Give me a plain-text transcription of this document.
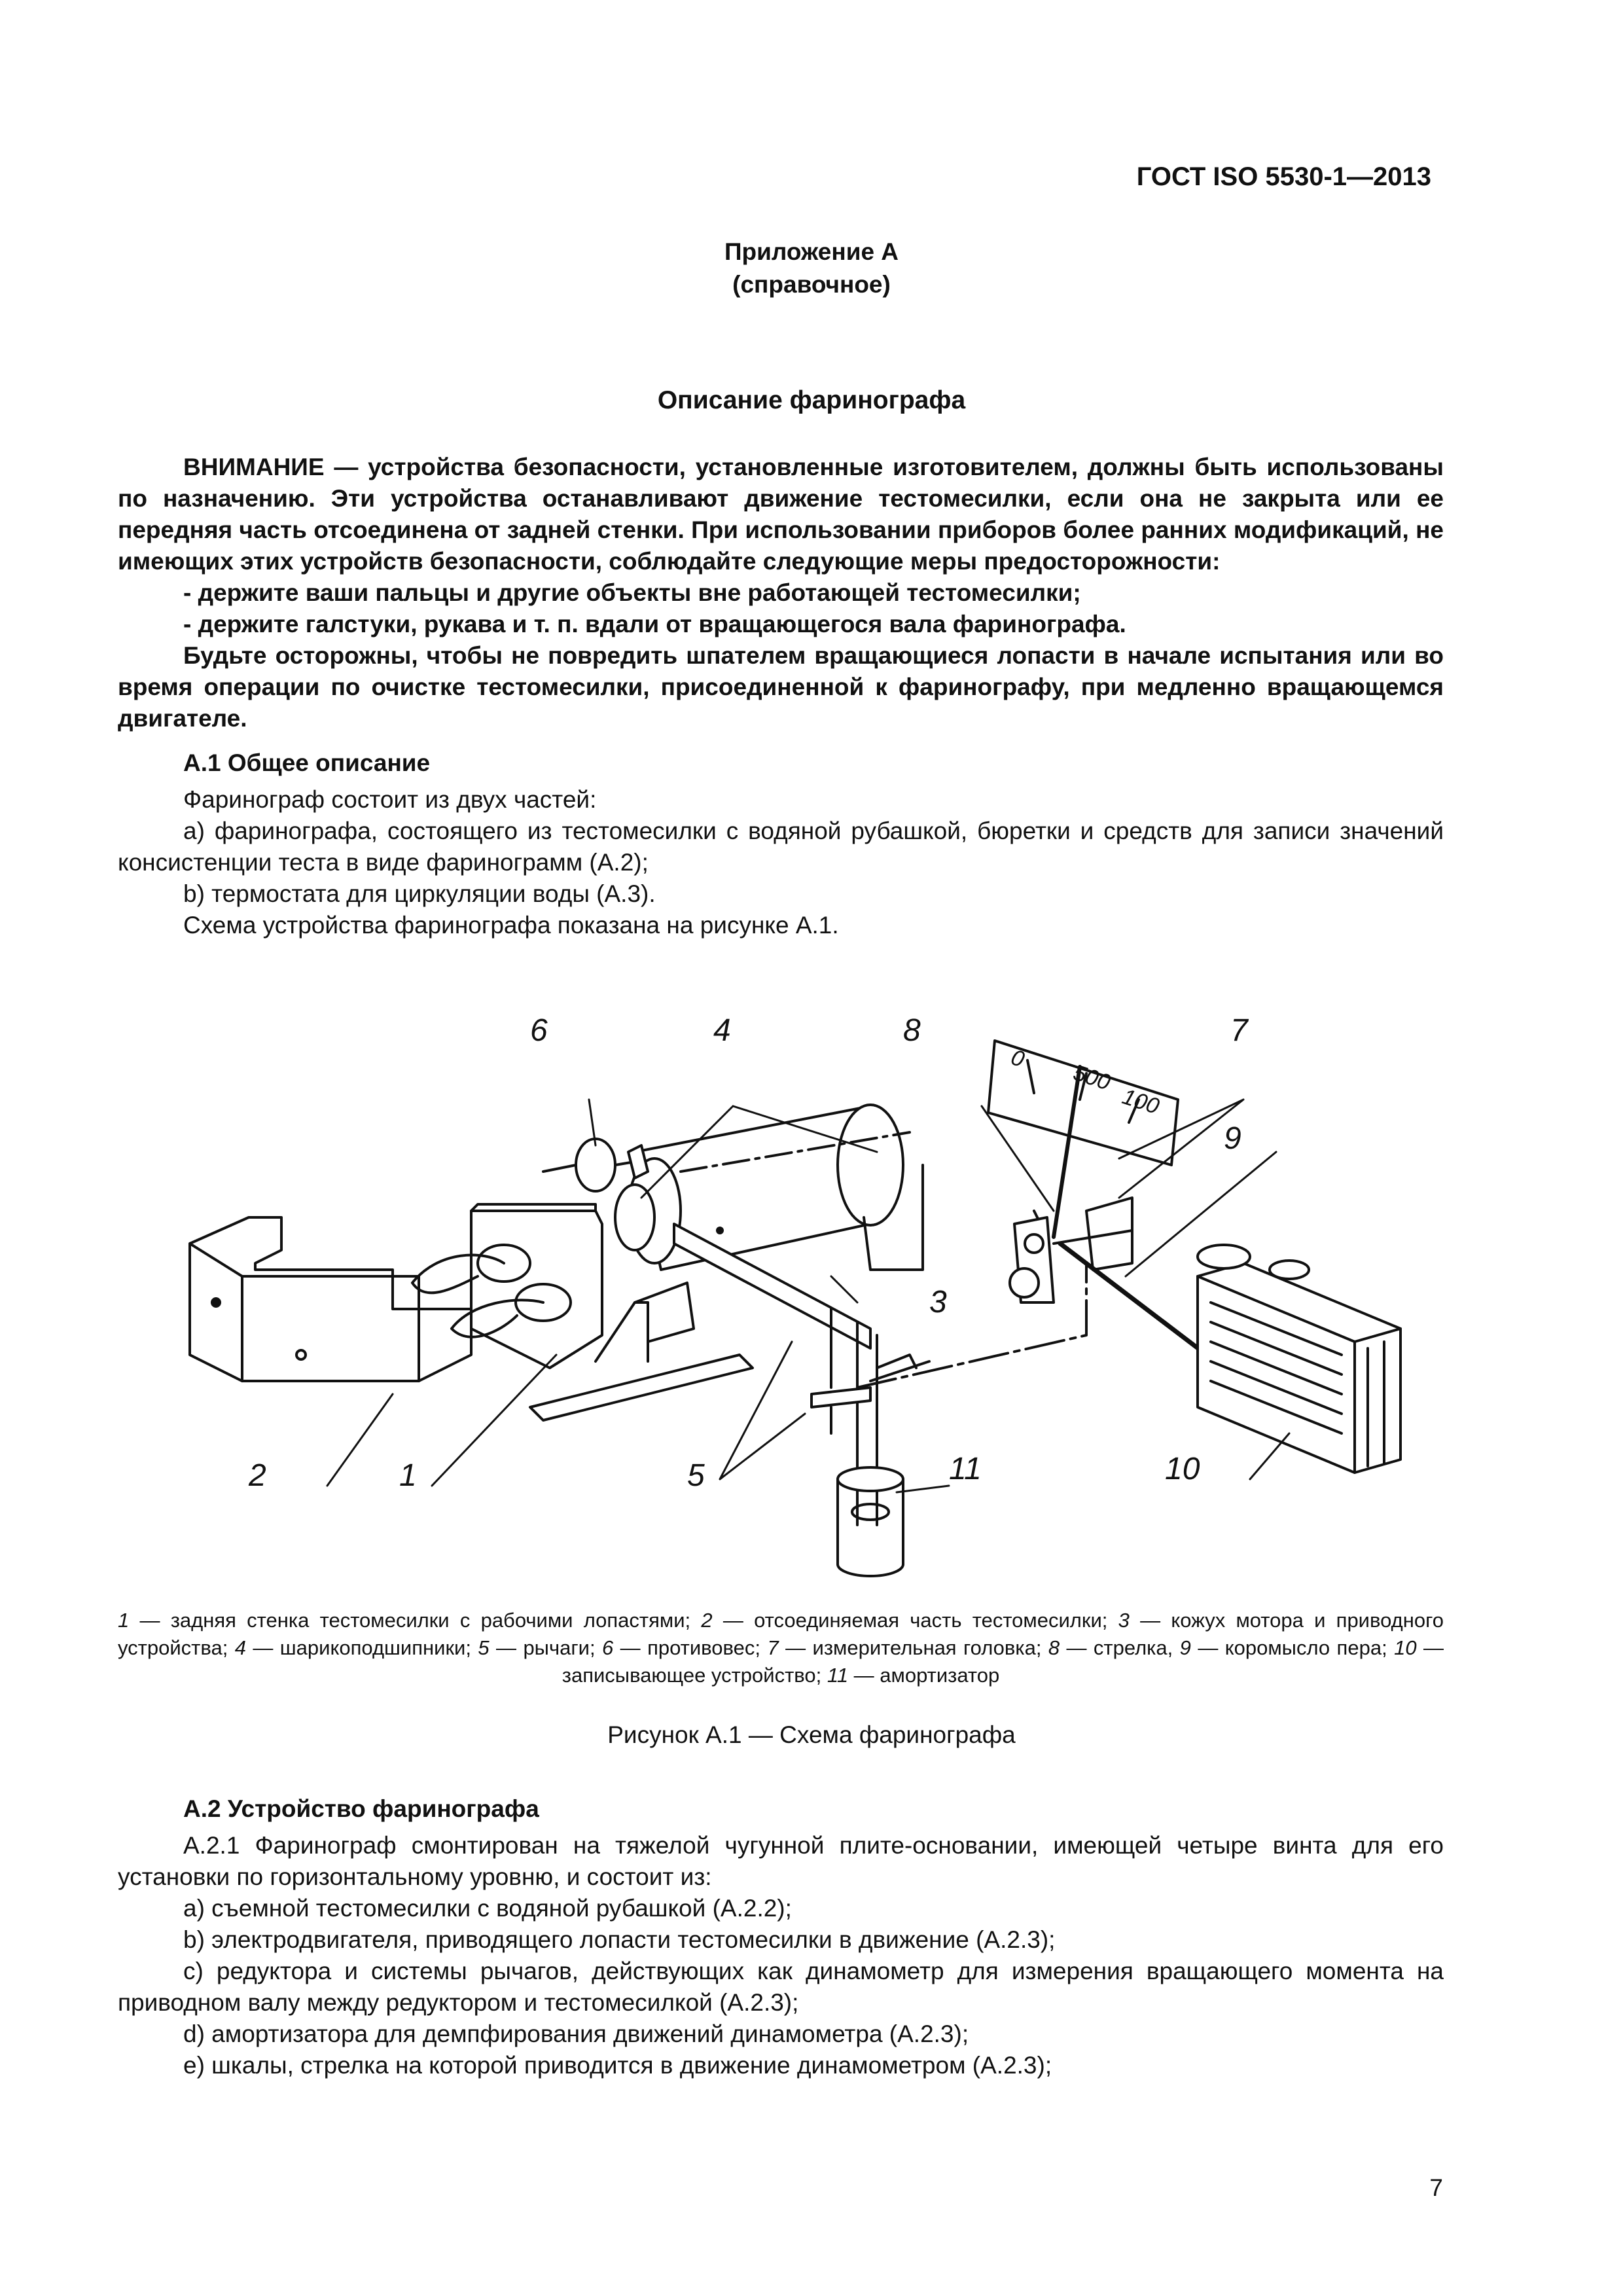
ГОСТ ISO 5530-1—2013
Приложение А
(справочное)
Описание фаринографа

ВНИМАНИЕ — устройства безопасности, установленные изготовителем, должны быть использованы по назначению. Эти устройства останавливают движение тестомесилки, если она не закрыта или ее передняя часть отсоединена от задней стенки. При использовании приборов более ранних модификаций, не имеющих этих устройств безопасности, соблюдайте следующие меры предосторожности:

- держите ваши пальцы и другие объекты вне работающей тестомесилки;

- держите галстуки, рукава и т. п. вдали от вращающегося вала фаринографа.

Будьте осторожны, чтобы не повредить шпателем вращающиеся лопасти в начале испытания или во время операции по очистке тестомесилки, присоединенной к фаринографу, при медленно вращающемся двигателе.

А.1 Общее описание

Фаринограф состоит из двух частей:

а) фаринографа, состоящего из тестомесилки с водяной рубашкой, бюретки и средств для записи значений консистенции теста в виде фаринограмм (А.2);

b) термостата для циркуляции воды (А.3).

Схема устройства фаринографа показана на рисунке А.1.

6	4	8	7
9
3
2	1	5	11	10
0
500
100
1 — задняя стенка тестомесилки с рабочими лопастями; 2 — отсоединяемая часть тестомесилки; 3 — кожух мотора и приводного устройства; 4 — шарикоподшипники; 5 — рычаги; 6 — противовес; 7 — измерительная головка; 8 — стрелка, 9 — коромысло пера; 10 — записывающее устройство; 11 — амортизатор
Рисунок А.1 — Схема фаринографа

А.2 Устройство фаринографа

А.2.1 Фаринограф смонтирован на тяжелой чугунной плите-основании, имеющей четыре винта для его установки по горизонтальному уровню, и состоит из:

а) съемной тестомесилки с водяной рубашкой (А.2.2);

b) электродвигателя, приводящего лопасти тестомесилки в движение (А.2.3);

с) редуктора и системы рычагов, действующих как динамометр для измерения вращающего момента на приводном валу между редуктором и тестомесилкой (А.2.3);

d) амортизатора для демпфирования движений динамометра (А.2.3);

е) шкалы, стрелка на которой приводится в движение динамометром (А.2.3);

7
